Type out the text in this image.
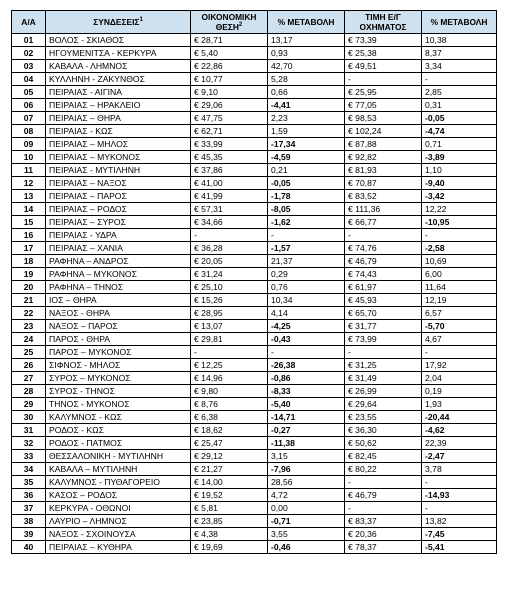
Α/Α	ΣΥΝΔΕΣΕΙΣ$^1$	ΟΙΚΟΝΟΜΙΚΗ ΘΕΣΗ$^2$	% ΜΕΤΑΒΟΛΗ	ΤΙΜΗ Ε/Γ ΟΧΗΜΑΤΟΣ	% ΜΕΤΑΒΟΛΗ
01	ΒΟΛΟΣ - ΣΚΙΑΘΟΣ	€ 28,71	13,17	€ 73,39	10,38
02	ΗΓΟΥΜΕΝΙΤΣΑ - ΚΕΡΚΥΡΑ	€ 5,40	0,93	€ 25,38	8,37
03	ΚΑΒΑΛΑ - ΛΗΜΝΟΣ	€ 22,86	42,70	€ 49,51	3,34
04	ΚΥΛΛΗΝΗ - ΖΑΚΥΝΘΟΣ	€ 10,77	5,28	-	-
05	ΠΕΙΡΑΙΑΣ - ΑΙΓΙΝΑ	€ 9,10	0,66	€ 25,95	2,85
06	ΠΕΙΡΑΙΑΣ – ΗΡΑΚΛΕΙΟ	€ 29,06	-4,41	€ 77,05	0,31
07	ΠΕΙΡΑΙΑΣ – ΘΗΡΑ	€ 47,75	2,23	€ 98,53	-0,05
08	ΠΕΙΡΑΙΑΣ - ΚΩΣ	€ 62,71	1,59	€ 102,24	-4,74
09	ΠΕΙΡΑΙΑΣ – ΜΗΛΟΣ	€ 33,99	-17,34	€ 87,88	0,71
10	ΠΕΙΡΑΙΑΣ – ΜΥΚΟΝΟΣ	€ 45,35	-4,59	€ 92,82	-3,89
11	ΠΕΙΡΑΙΑΣ - ΜΥΤΙΛΗΝΗ	€ 37,86	0,21	€ 81,93	1,10
12	ΠΕΙΡΑΙΑΣ – ΝΑΞΟΣ	€ 41,00	-0,05	€ 70,87	-9,40
13	ΠΕΙΡΑΙΑΣ – ΠΑΡΟΣ	€ 41,99	-1,78	€ 83,52	-3,42
14	ΠΕΙΡΑΙΑΣ – ΡΟΔΟΣ	€ 57,31	-8,05	€ 111,36	12,22
15	ΠΕΙΡΑΙΑΣ – ΣΥΡΟΣ	€ 34,66	-1,62	€ 66,77	-10,95
16	ΠΕΙΡΑΙΑΣ - ΥΔΡΑ	-	-	-	-
17	ΠΕΙΡΑΙΑΣ – ΧΑΝΙΑ	€ 36,28	-1,57	€ 74,76	-2,58
18	ΡΑΦΗΝΑ – ΑΝΔΡΟΣ	€ 20,05	21,37	€ 46,79	10,69
19	ΡΑΦΗΝΑ – ΜΥΚΟΝΟΣ	€ 31,24	0,29	€ 74,43	6,00
20	ΡΑΦΗΝΑ – ΤΗΝΟΣ	€ 25,10	0,76	€ 61,97	11,64
21	ΙΟΣ – ΘΗΡΑ	€ 15,26	10,34	€ 45,93	12,19
22	ΝΑΞΟΣ - ΘΗΡΑ	€ 28,95	4,14	€ 65,70	6,57
23	ΝΑΞΟΣ – ΠΑΡΟΣ	€ 13,07	-4,25	€ 31,77	-5,70
24	ΠΑΡΟΣ - ΘΗΡΑ	€ 29,81	-0,43	€ 73,99	4,67
25	ΠΑΡΟΣ – ΜΥΚΟΝΟΣ	-	-	-	-
26	ΣΙΦΝΟΣ - ΜΗΛΟΣ	€ 12,25	-26,38	€ 31,25	17,92
27	ΣΥΡΟΣ – ΜΥΚΟΝΟΣ	€ 14,96	-0,86	€ 31,49	2,04
28	ΣΥΡΟΣ - ΤΗΝΟΣ	€ 9,80	-8,33	€ 26,99	0,19
29	ΤΗΝΟΣ - ΜΥΚΟΝΟΣ	€ 8,76	-5,40	€ 29,64	1,93
30	ΚΑΛΥΜΝΟΣ - ΚΩΣ	€ 6,38	-14,71	€ 23,55	-20,44
31	ΡΟΔΟΣ - ΚΩΣ	€ 18,62	-0,27	€ 36,30	-4,62
32	ΡΟΔΟΣ - ΠΑΤΜΟΣ	€ 25,47	-11,38	€ 50,62	22,39
33	ΘΕΣΣΑΛΟΝΙΚΗ - ΜΥΤΙΛΗΝΗ	€ 29,12	3,15	€ 82,45	-2,47
34	ΚΑΒΑΛΑ – ΜΥΤΙΛΗΝΗ	€ 21,27	-7,96	€ 80,22	3,78
35	ΚΑΛΥΜΝΟΣ - ΠΥΘΑΓΟΡΕΙΟ	€ 14,00	28,56	-	-
36	ΚΑΣΟΣ – ΡΟΔΟΣ	€ 19,52	4,72	€ 46,79	-14,93
37	ΚΕΡΚΥΡΑ - ΟΘΩΝΟΙ	€ 5,81	0,00	-	-
38	ΛΑΥΡΙΟ – ΛΗΜΝΟΣ	€ 23,85	-0,71	€ 83,37	13,82
39	ΝΑΞΟΣ - ΣΧΟΙΝΟΥΣΑ	€ 4,38	3,55	€ 20,36	-7,45
40	ΠΕΙΡΑΙΑΣ – ΚΥΘΗΡΑ	€ 19,69	-0,46	€ 78,37	-5,41
